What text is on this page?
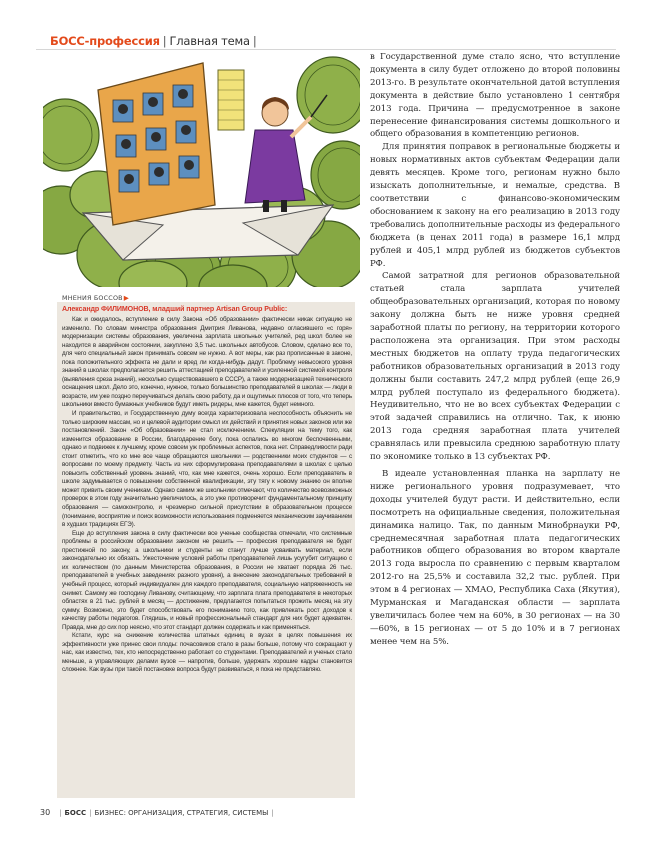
БОСС-профессия | Главная тема |
МНЕНИЯ БОССОВ▶
Александр ФИЛИМОНОВ, младший партнер Artisan Group Public:

Как и ожидалось, вступление в силу Закона «Об образовании» фактически никак ситуацию не изменило. По словам министра образования Дмитрия Ливанова, недавно огласившего «с горя» модернизации системы образования, увеличена зарплата школьных учителей, ред школ более не находится в аварийном состоянии, закуплено 3,5 тыс. школьных автобусов. Словом, сделано все то, для чего специальный закон принимать совсем не нужно. А вот меры, как раз прописанные в законе, пока положительного эффекта не дали и вред ли когда-нибудь дадут. Проблему невысокого уровня знаний в школах предполагается решить аттестацией преподавателей и усиленной системой контроля (выявления среза знаний), несколько существовавшего в СССР), а также модернизацией технического оснащения школ. Дело это, конечно, нужное, только большинство преподавателей в школах — люди в возрасте, им уже поздно переучиваться делать свою работу, да и ощутимых плюсов от того, что теперь школьники вместо бумажных учебников будут иметь ридеры, мне кажется, будет немного.

И правительство, и Государственную думу всегда характеризовала неспособность объяснить не только широким массам, но и целевой аудитории смысл их действий и принятия новых законов или же постановлений. Закон «Об образовании» не стал исключением. Спекуляции на тему того, как изменится образование в России, благодарение богу, пока оспались во многом беспочвенными, однако и подвижек к лучшему, кроме совсем уж проблемных аспектов, пока нет. Справедливости ради стоит отметить, что ко мне все чаще обращаются школьники — родственники моих студентов — с вопросами по моему предмету. Часть из них сформулирована преподавателями в школах с целью повысить собственный уровень знаний, что, как мне кажется, очень хорошо. Если преподаватель в школе задумывается о повышении собственной квалификации, эту тягу к новому знанию он вполне может привить своим ученикам. Однако самим же школьники отмечают, что количество всевозможных проверок в этом году значительно увеличилось, а это уже противоречит фундаментальному принципу образования — самоконтролю, и чрезмерно сильной присутствии в образовательном процессе (понимание, восприятие и поиск возможности использования подменяется механическим заучиванием в худших традициях ЕГЭ).

Еще до вступления закона в силу фактически все ученые сообщества отмечали, что системные проблемы в российском образовании законом не решить — профессия преподавателя не будет престижной по закону, а школьники и студенты не станут лучше усваивать материал, если законодательно их обязать. Ужесточение условий работы преподавателей лишь усугубит ситуацию с их количеством (по данным Министерства образования, в России не хватает порядка 26 тыс. преподавателей в учебных заведениях разного уровня), а внесение законодательных требований в учебный процесс, который индивидуален для каждого преподавателя, социальную напряженность не снимет. Самому же господину Ливанову, считающему, что зарплата плата преподавателя в некоторых областях в 21 тыс. рублей в месяц — достижение, предлагается попытаться прожить месяц на эту сумму. Возможно, это будет способствовать его пониманию того, как привлекать рост доходов к качеству работы педагогов. Глядишь, и новый профессиональный стандарт для них будет адекватен. Правда, мне до сих пор неясно, что этот стандарт должен содержать и как применяться.

Кстати, курс на снижение количества штатных единиц в вузах в целях повышения их эффективности уже принес свои плоды: почасовиков стало в разы больше, потому что сокращают у нас, как известно, тех, кто непосредственно работает со студентами. Преподавателей и ученых стало меньше, а управляющих делами вузов — напротив, больше, удержать хорошие кадры становится сложнее. Как вузы при такой постановке вопроса будут развиваться, я пока не представляю.

в Государственной думе стало ясно, что вступление документа в силу будет отложено до второй половины 2013-го. В результате окончательной датой вступления документа в действие было установлено 1 сентября 2013 года. Причина — предусмотренное в законе перенесение финансирования системы дошкольного и общего образования в компетенцию регионов.

Для принятия поправок в региональные бюджеты и новых нормативных актов субъектам Федерации дали девять месяцев. Кроме того, регионам нужно было изыскать дополнительные, и немалые, средства. В соответствии с финансово-экономическим обоснованием к закону на его реализацию в 2013 году требовались дополнительные расходы из федерального бюджета (в ценах 2011 года) в размере 16,1 млрд рублей и 405,1 млрд рублей из бюджетов субъектов РФ.

Самой затратной для регионов образовательной статьей стала зарплата учителей общеобразовательных организаций, которая по новому закону должна быть не ниже уровня средней заработной платы по региону, на территории которого расположена эта организация. При этом расходы местных бюджетов на оплату труда педагогических работников образовательных организаций в 2013 году должны были составить 247,2 млрд рублей (еще 26,9 млрд рублей поступало из федерального бюджета). Неудивительно, что не во всех субъектах Федерации с этой задачей справились на отлично. Так, к июню 2013 года средняя заработная плата учителей сравнялась или превысила среднюю заработную плату по экономике только в 13 субъектах РФ.

В идеале установленная планка на зарплату не ниже регионального уровня подразумевает, что доходы учителей будут расти. И действительно, если посмотреть на официальные сведения, положительная динамика налицо. Так, по данным Минобрнауки РФ, среднемесячная заработная плата педагогических работников общего образования во втором квартале 2013 года выросла по сравнению с первым кварталом 2012-го на 25,5% и составила 32,2 тыс. рублей. При этом в 4 регионах — ХМАО, Республика Саха (Якутия), Мурманская и Магаданская области — зарплата увеличилась более чем на 60%, в 30 регионах — на 30—60%, в 15 регионах — от 5 до 10% и в 7 регионах менее чем на 5%.

30 | БОСС | БИЗНЕС: ОРГАНИЗАЦИЯ, СТРАТЕГИЯ, СИСТЕМЫ |
